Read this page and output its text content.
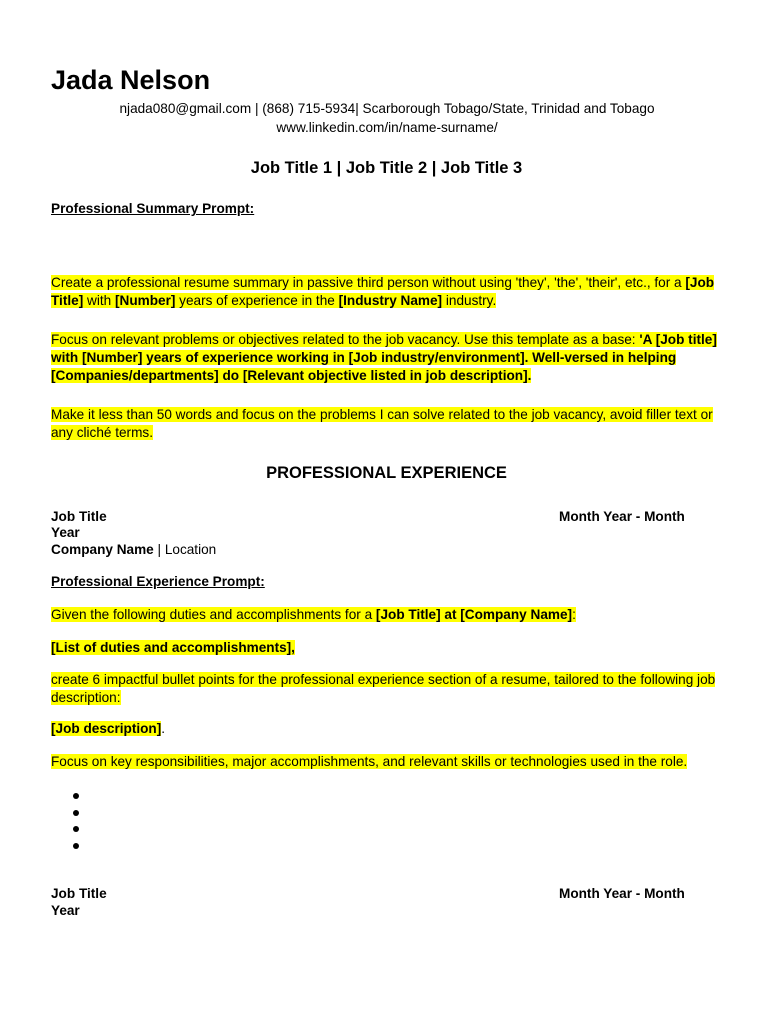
Jada Nelson
njada080@gmail.com | (868) 715-5934| Scarborough Tobago/State, Trinidad and Tobago
www.linkedin.com/in/name-surname/
Job Title 1 | Job Title 2 | Job Title 3
Professional Summary Prompt:
Create a professional resume summary in passive third person without using 'they', 'the', 'their', etc., for a [Job Title] with [Number] years of experience in the [Industry Name] industry.
Focus on relevant problems or objectives related to the job vacancy. Use this template as a base: 'A [Job title] with [Number] years of experience working in [Job industry/environment]. Well-versed in helping [Companies/departments] do [Relevant objective listed in job description].
Make it less than 50 words and focus on the problems I can solve related to the job vacancy, avoid filler text or any cliché terms.
PROFESSIONAL EXPERIENCE
Job Title	Month Year - Month
Year
Company Name | Location
Professional Experience Prompt:
Given the following duties and accomplishments for a [Job Title] at [Company Name]:
[List of duties and accomplishments],
create 6 impactful bullet points for the professional experience section of a resume, tailored to the following job description:
[Job description].
Focus on key responsibilities, major accomplishments, and relevant skills or technologies used in the role.
Job Title	Month Year - Month
Year
